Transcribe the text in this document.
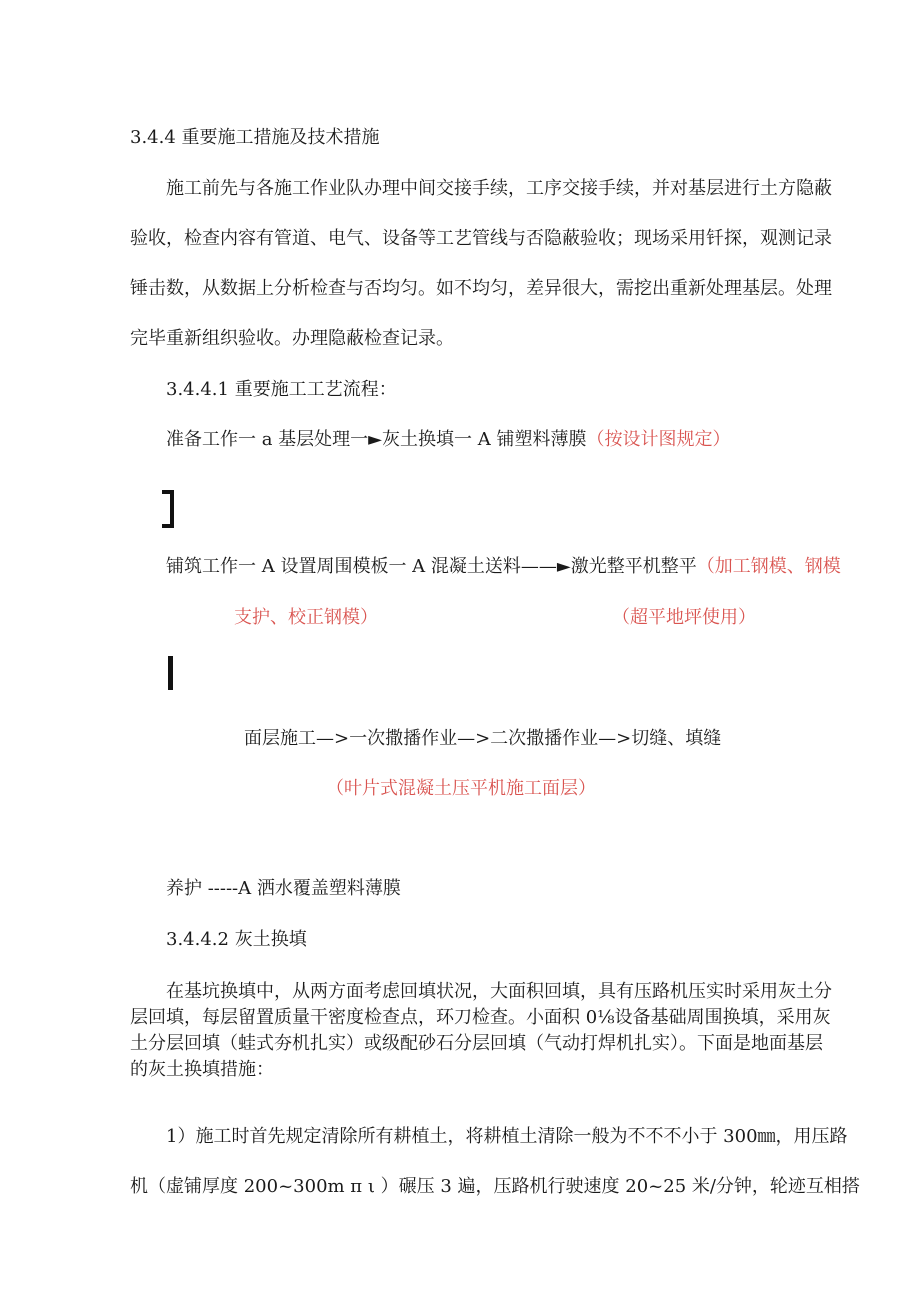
3.4.4 重要施工措施及技术措施
施工前先与各施工作业队办理中间交接手续，工序交接手续，并对基层进行土方隐蔽
验收，检查内容有管道、电气、设备等工艺管线与否隐蔽验收；现场采用钎探，观测记录
锤击数，从数据上分析检查与否均匀。如不均匀，差异很大，需挖出重新处理基层。处理
完毕重新组织验收。办理隐蔽检查记录。
3.4.4.1 重要施工工艺流程：
准备工作一 a 基层处理一►灰土换填一 A 铺塑料薄膜（按设计图规定）
铺筑工作一 A 设置周围模板一 A 混凝土送料——►激光整平机整平（加工钢模、钢模
支护、校正钢模）	（超平地坪使用）
面层施工—>一次撒播作业—>二次撒播作业—>切缝、填缝
（叶片式混凝土压平机施工面层）
养护 -----A 洒水覆盖塑料薄膜
3.4.4.2 灰土换填
在基坑换填中，从两方面考虑回填状况，大面积回填，具有压路机压实时采用灰土分
层回填，每层留置质量干密度检查点，环刀检查。小面积 0⅛设备基础周围换填，采用灰
土分层回填（蛙式夯机扎实）或级配砂石分层回填（气动打焊机扎实）。下面是地面基层
的灰土换填措施：
1）施工时首先规定清除所有耕植土，将耕植土清除一般为不不不小于 300㎜，用压路
机（虚铺厚度 200~300m π ι ）碾压 3 遍，压路机行驶速度 20~25 米/分钟，轮迹互相搭
